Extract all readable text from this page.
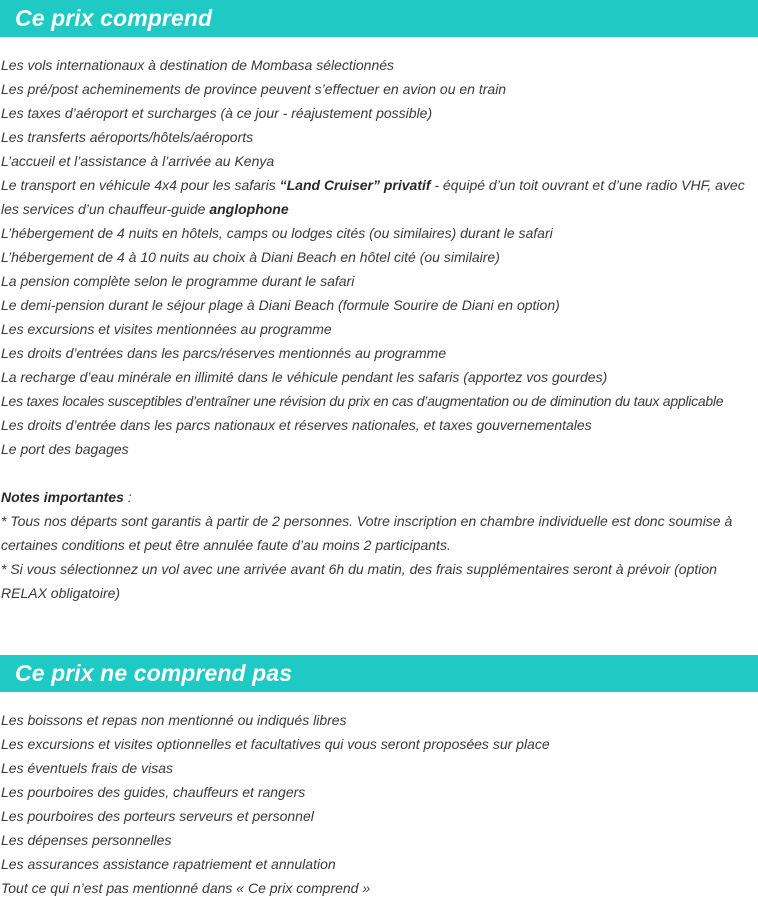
Ce prix comprend
Les vols internationaux à destination de Mombasa sélectionnés
Les pré/post acheminements de province peuvent s’effectuer en avion ou en train
Les taxes d’aéroport et surcharges (à ce jour - réajustement possible)
Les transferts aéroports/hôtels/aéroports
L’accueil et l’assistance à l’arrivée au Kenya
Le transport en véhicule 4x4 pour les safaris “Land Cruiser” privatif - équipé d’un toit ouvrant et d’une radio VHF, avec les services d’un chauffeur-guide anglophone
L’hébergement de 4 nuits en hôtels, camps ou lodges cités (ou similaires) durant le safari
L’hébergement de 4 à 10 nuits au choix à Diani Beach en hôtel cité (ou similaire)
La pension complète selon le programme durant le safari
Le demi-pension durant le séjour plage à Diani Beach (formule Sourire de Diani en option)
Les excursions et visites mentionnées au programme
Les droits d’entrées dans les parcs/réserves mentionnés au programme
La recharge d’eau minérale en illimité dans le véhicule pendant les safaris (apportez vos gourdes)
Les taxes locales susceptibles d’entraîner une révision du prix en cas d’augmentation ou de diminution du taux applicable
Les droits d’entrée dans les parcs nationaux et réserves nationales, et taxes gouvernementales
Le port des bagages
Notes importantes :
* Tous nos départs sont garantis à partir de 2 personnes. Votre inscription en chambre individuelle est donc soumise à certaines conditions et peut être annulée faute d’au moins 2 participants.
* Si vous sélectionnez un vol avec une arrivée avant 6h du matin, des frais supplémentaires seront à prévoir (option RELAX obligatoire)
Ce prix ne comprend pas
Les boissons et repas non mentionné ou indiqués libres
Les excursions et visites optionnelles et facultatives qui vous seront proposées sur place
Les éventuels frais de visas
Les pourboires des guides, chauffeurs et rangers
Les pourboires des porteurs serveurs et personnel
Les dépenses personnelles
Les assurances assistance rapatriement et annulation
Tout ce qui n’est pas mentionné dans « Ce prix comprend »
